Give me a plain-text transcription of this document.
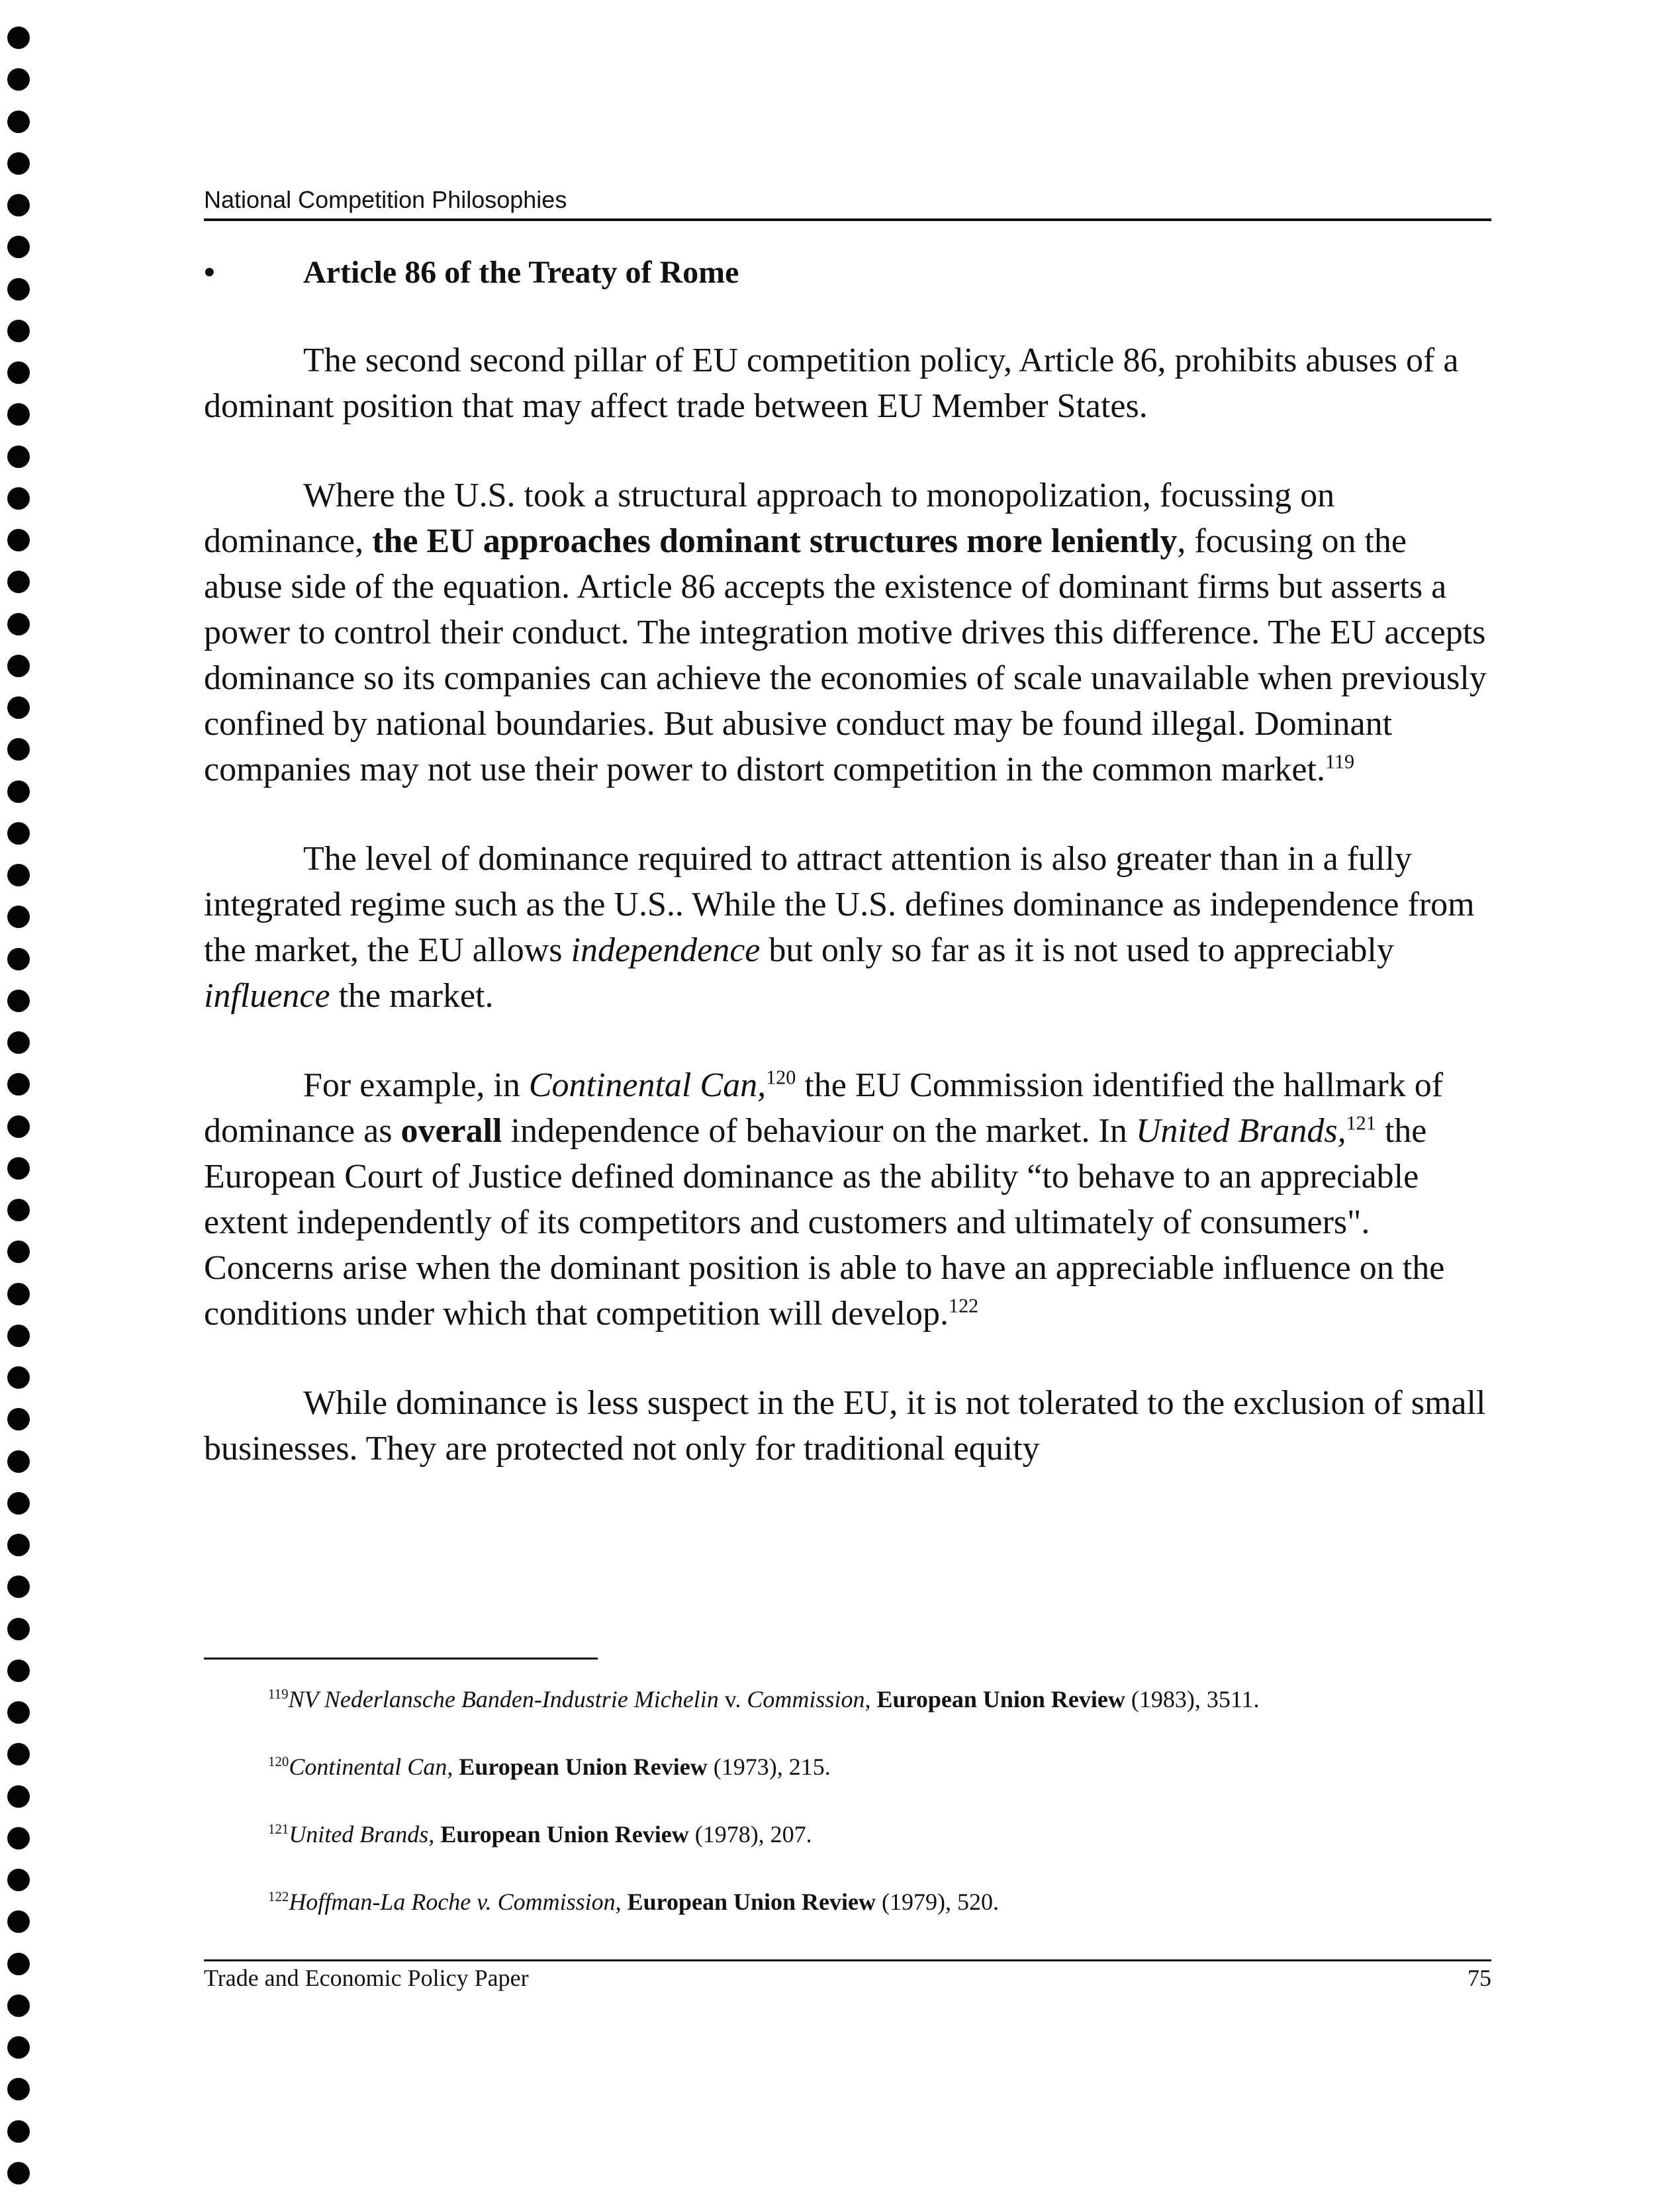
National Competition Philosophies
•	Article 86 of the Treaty of Rome

The second second pillar of EU competition policy, Article 86, prohibits abuses of a dominant position that may affect trade between EU Member States.

Where the U.S. took a structural approach to monopolization, focussing on dominance, the EU approaches dominant structures more leniently, focusing on the abuse side of the equation. Article 86 accepts the existence of dominant firms but asserts a power to control their conduct. The integration motive drives this difference. The EU accepts dominance so its companies can achieve the economies of scale unavailable when previously confined by national boundaries. But abusive conduct may be found illegal. Dominant companies may not use their power to distort competition in the common market.$^{119}$

The level of dominance required to attract attention is also greater than in a fully integrated regime such as the U.S.. While the U.S. defines dominance as independence from the market, the EU allows independence but only so far as it is not used to appreciably influence the market.

For example, in Continental Can,$^{120}$ the EU Commission identified the hallmark of dominance as overall independence of behaviour on the market. In United Brands,$^{121}$ the European Court of Justice defined dominance as the ability “to behave to an appreciable extent independently of its competitors and customers and ultimately of consumers". Concerns arise when the dominant position is able to have an appreciable influence on the conditions under which that competition will develop.$^{122}$

While dominance is less suspect in the EU, it is not tolerated to the exclusion of small businesses. They are protected not only for traditional equity

$^{119}$NV Nederlansche Banden-Industrie Michelin v. Commission, European Union Review (1983), 3511.
$^{120}$Continental Can, European Union Review (1973), 215.
$^{121}$United Brands, European Union Review (1978), 207.
$^{122}$Hoffman-La Roche v. Commission, European Union Review (1979), 520.
Trade and Economic Policy Paper	75
